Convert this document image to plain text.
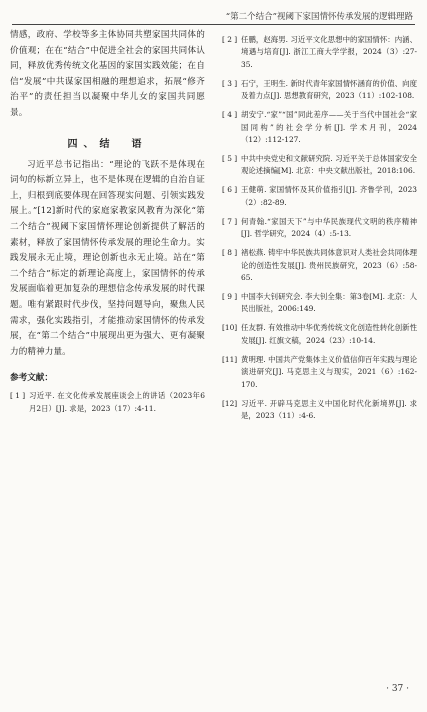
“第二个结合”视阈下家国情怀传承发展的逻辑理路

情感，政府、学校等多主体协同共塑家国共同体的价值观；在在“结合”中促进全社会的家国共同体认同，释放优秀传统文化基因的家国实践效能；在自信“发展”中共谋家国相融的理想追求，拓展“修齐治平”的责任担当以凝聚中华儿女的家国共同愿景。

四、结　语

习近平总书记指出：“理论的飞跃不是体现在词句的标新立异上，也不是体现在逻辑的自治自证上，归根到底要体现在回答现实问题、引领实践发展上。”[12]新时代的家庭家教家风教育为深化“第二个结合”视阈下家国情怀理论创新提供了解活的素材，释放了家国情怀传承发展的理论生命力。实践发展永无止境，理论创新也永无止境。站在“第二个结合”标定的新理论高度上，家国情怀的传承发展面临着更加复杂的理想信念传承发展的时代课题。唯有紧跟时代步伐，坚持问题导向，聚焦人民需求，强化实践指引，才能推动家国情怀的传承发展，在“第二个结合”中展现出更为强大、更有凝聚力的精神力量。

参考文献：
[ 1 ] 习近平. 在文化传承发展座谈会上的讲话（2023年6月2日）[J]. 求是，2023（17）:4-11.
[ 2 ] 任鹏，赵海男. 习近平文化思想中的家国情怀：内涵、境遇与培育[J]. 浙江工商大学学报，2024（3）:27-35.
[ 3 ] 石宁，王明生. 新时代青年家国情怀涵育的价值、向度及着力点[J]. 思想教育研究，2023（11）:102-108.
[ 4 ] 胡安宁.“家”“国”同此差序——关于当代中国社会“家国同构”的社会学分析[J]. 学术月刊，2024（12）:112-127.
[ 5 ] 中共中央党史和文献研究院. 习近平关于总体国家安全观论述摘编[M]. 北京：中央文献出版社，2018:106.
[ 6 ] 王健萌. 家国情怀及其价值指引[J]. 齐鲁学刊，2023（2）:82-89.
[ 7 ] 何青翰.“家国天下”与中华民族现代文明的秩序精神[J]. 哲学研究，2024（4）:5-13.
[ 8 ] 褚松燕. 铸牢中华民族共同体意识对人类社会共同体理论的创造性发展[J]. 贵州民族研究，2023（6）:58-65.
[ 9 ] 中国李大钊研究会. 李大钊全集：第3卷[M]. 北京：人民出版社，2006:149.
[10] 任友群. 有效推动中华优秀传统文化创造性转化创新性发展[J]. 红旗文稿，2024（23）:10-14.
[11] 黄明理. 中国共产党集体主义价值信仰百年实践与理论演进研究[J]. 马克思主义与现实，2021（6）:162-170.
[12] 习近平. 开辟马克思主义中国化时代化新境界[J]. 求是，2023（11）:4-6.
· 37 ·
